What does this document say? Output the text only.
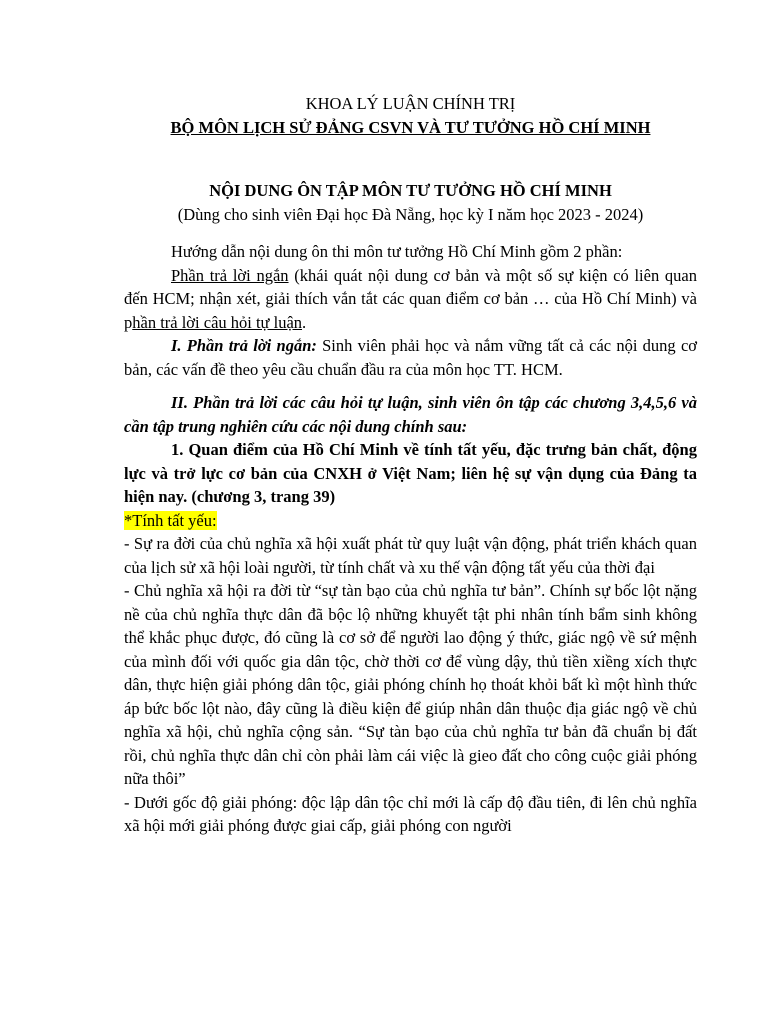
KHOA LÝ LUẬN CHÍNH TRỊ

BỘ MÔN LỊCH SỬ ĐẢNG CSVN VÀ TƯ TƯỞNG HỒ CHÍ MINH

NỘI DUNG ÔN TẬP MÔN TƯ TƯỞNG HỒ CHÍ MINH

(Dùng cho sinh viên Đại học Đà Nẵng, học kỳ I năm học 2023 - 2024)

Hướng dẫn nội dung ôn thi môn tư tưởng Hồ Chí Minh gồm 2 phần:

Phần trả lời ngắn (khái quát nội dung cơ bản và một số sự kiện có liên quan đến HCM; nhận xét, giải thích vắn tắt các quan điểm cơ bản … của Hồ Chí Minh) và phần trả lời câu hỏi tự luận.

I. Phần trả lời ngắn: Sinh viên phải học và nắm vững tất cả các nội dung cơ bản, các vấn đề theo yêu cầu chuẩn đầu ra của môn học TT. HCM.

II. Phần trả lời các câu hỏi tự luận, sinh viên ôn tập các chương 3,4,5,6 và cần tập trung nghiên cứu các nội dung chính sau:

1. Quan điểm của Hồ Chí Minh về tính tất yếu, đặc trưng bản chất, động lực và trở lực cơ bản của CNXH ở Việt Nam; liên hệ sự vận dụng của Đảng ta hiện nay. (chương 3, trang 39)

*Tính tất yếu:

- Sự ra đời của chủ nghĩa xã hội xuất phát từ quy luật vận động, phát triển khách quan của lịch sử xã hội loài người, từ tính chất và xu thế vận động tất yếu của thời đại

- Chủ nghĩa xã hội ra đời từ “sự tàn bạo của chủ nghĩa tư bản”. Chính sự bốc lột nặng nề của chủ nghĩa thực dân đã bộc lộ những khuyết tật phi nhân tính bẩm sinh không thể khắc phục được, đó cũng là cơ sở để người lao động ý thức, giác ngộ về sứ mệnh của mình đối với quốc gia dân tộc, chờ thời cơ để vùng dậy, thủ tiền xiềng xích thực dân, thực hiện giải phóng dân tộc, giải phóng chính họ thoát khỏi bất kì một hình thức áp bức bốc lột nào, đây cũng là điều kiện để giúp nhân dân thuộc địa giác ngộ về chủ nghĩa xã hội, chủ nghĩa cộng sản. “Sự tàn bạo của chủ nghĩa tư bản đã chuẩn bị đất rồi, chủ nghĩa thực dân chỉ còn phải làm cái việc là gieo đất cho công cuộc giải phóng nữa thôi”

- Dưới gốc độ giải phóng: độc lập dân tộc chỉ mới là cấp độ đầu tiên, đi lên chủ nghĩa xã hội mới giải phóng được giai cấp, giải phóng con người
